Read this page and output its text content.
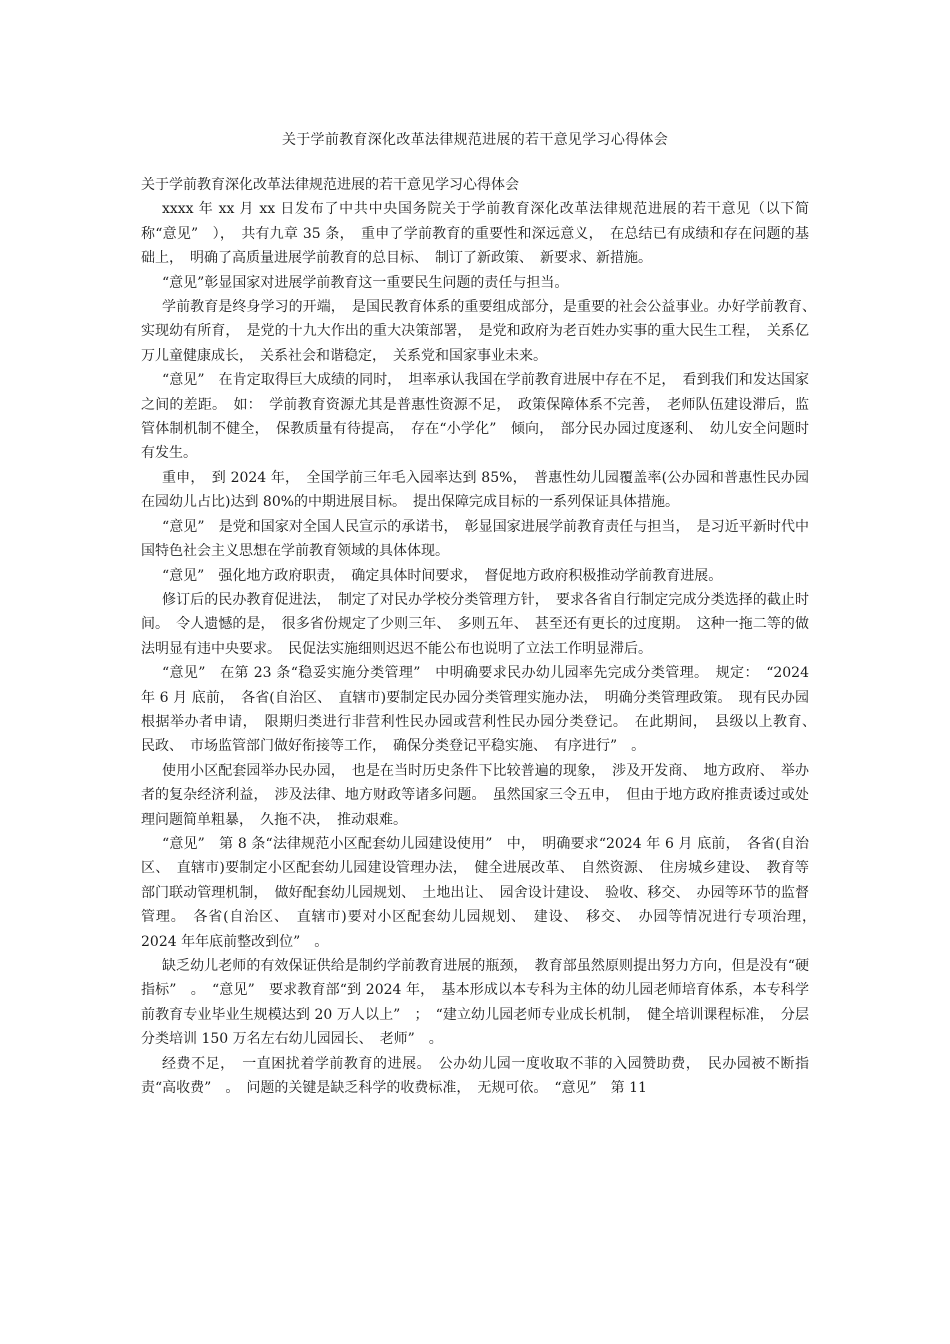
关于学前教育深化改革法律规范进展的若干意见学习心得体会

关于学前教育深化改革法律规范进展的若干意见学习心得体会

xxxx 年 xx 月 xx 日发布了中共中央国务院关于学前教育深化改革法律规范进展的若干意见（以下简称“意见”　），　共有九章 35 条，　重申了学前教育的重要性和深远意义，　在总结已有成绩和存在问题的基础上，　明确了高质量进展学前教育的总目标、　制订了新政策、　新要求、新措施。

“意见”彰显国家对进展学前教育这一重要民生问题的责任与担当。

学前教育是终身学习的开端，　是国民教育体系的重要组成部分，是重要的社会公益事业。办好学前教育、　实现幼有所育，　是党的十九大作出的重大决策部署，　是党和政府为老百姓办实事的重大民生工程，　关系亿万儿童健康成长，　关系社会和谐稳定，　关系党和国家事业未来。

“意见”　在肯定取得巨大成绩的同时，　坦率承认我国在学前教育进展中存在不足，　看到我们和发达国家之间的差距。　如：　学前教育资源尤其是普惠性资源不足，　政策保障体系不完善，　老师队伍建设滞后，监管体制机制不健全，　保教质量有待提高，　存在“小学化”　倾向，　部分民办园过度逐利、　幼儿安全问题时有发生。

重申，　到 2024 年，　全国学前三年毛入园率达到 85%，　普惠性幼儿园覆盖率(公办园和普惠性民办园在园幼儿占比)达到 80%的中期进展目标。　提出保障完成目标的一系列保证具体措施。

“意见”　是党和国家对全国人民宣示的承诺书，　彰显国家进展学前教育责任与担当，　是习近平新时代中国特色社会主义思想在学前教育领域的具体体现。

“意见”　强化地方政府职责，　确定具体时间要求，　督促地方政府积极推动学前教育进展。

修订后的民办教育促进法，　制定了对民办学校分类管理方针，　要求各省自行制定完成分类选择的截止时间。　令人遗憾的是，　很多省份规定了少则三年、　多则五年、　甚至还有更长的过度期。　这种一拖二等的做法明显有违中央要求。　民促法实施细则迟迟不能公布也说明了立法工作明显滞后。

“意见”　在第 23 条“稳妥实施分类管理”　中明确要求民办幼儿园率先完成分类管理。　规定：　“2024 年 6 月 底前，　各省(自治区、　直辖市)要制定民办园分类管理实施办法，　明确分类管理政策。　现有民办园根据举办者申请，　限期归类进行非营利性民办园或营利性民办园分类登记。　在此期间，　县级以上教育、　民政、　市场监管部门做好衔接等工作，　确保分类登记平稳实施、　有序进行”　。

使用小区配套园举办民办园，　也是在当时历史条件下比较普遍的现象，　涉及开发商、　地方政府、　举办者的复杂经济利益，　涉及法律、地方财政等诸多问题。　虽然国家三令五申，　但由于地方政府推责诿过或处理问题简单粗暴，　久拖不决，　推动艰难。

“意见”　第 8 条“法律规范小区配套幼儿园建设使用”　中，　明确要求“2024 年 6 月 底前，　各省(自治区、　直辖市)要制定小区配套幼儿园建设管理办法，　健全进展改革、　自然资源、　住房城乡建设、　教育等部门联动管理机制，　做好配套幼儿园规划、　土地出让、　园舍设计建设、　验收、移交、　办园等环节的监督管理。　各省(自治区、　直辖市)要对小区配套幼儿园规划、　建设、　移交、　办园等情况进行专项治理，　2024 年年底前整改到位”　。

缺乏幼儿老师的有效保证供给是制约学前教育进展的瓶颈，　教育部虽然原则提出努力方向，但是没有“硬指标”　。　“意见”　要求教育部“到 2024 年，　基本形成以本专科为主体的幼儿园老师培育体系，本专科学前教育专业毕业生规模达到 20 万人以上”　；　“建立幼儿园老师专业成长机制，　健全培训课程标准，　分层分类培训 150 万名左右幼儿园园长、　老师”　。

经费不足，　一直困扰着学前教育的进展。　公办幼儿园一度收取不菲的入园赞助费，　民办园被不断指责“高收费”　。　问题的关键是缺乏科学的收费标准，　无规可依。　“意见”　第 11
